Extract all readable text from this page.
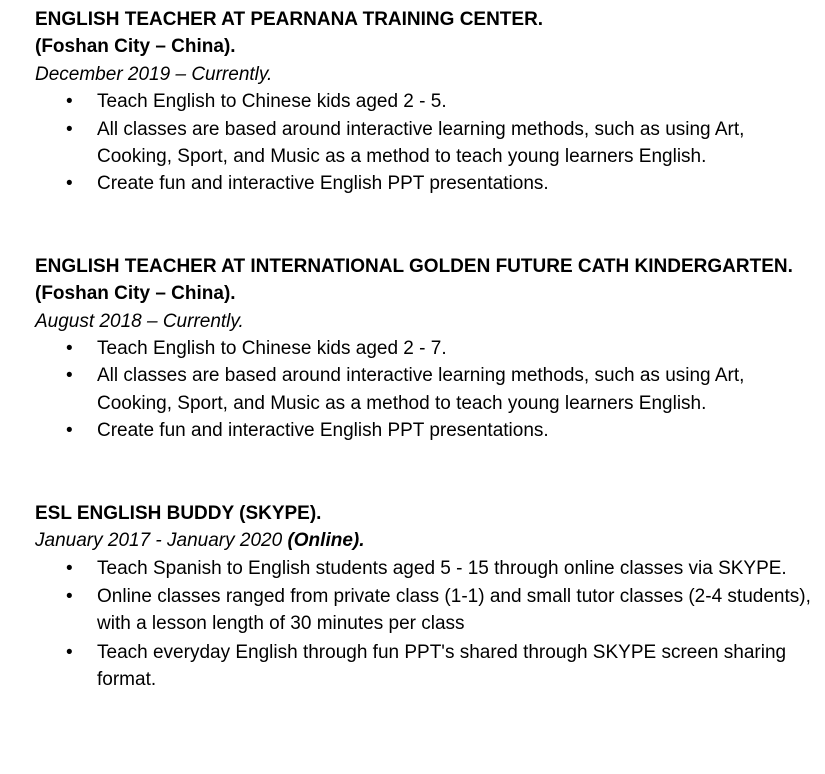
ENGLISH TEACHER AT PEARNANA TRAINING CENTER.

(Foshan City – China).

December 2019 – Currently.

• Teach English to Chinese kids aged 2 - 5.
• All classes are based around interactive learning methods, such as using Art, Cooking, Sport, and Music as a method to teach young learners English.
• Create fun and interactive English PPT presentations.

ENGLISH TEACHER AT INTERNATIONAL GOLDEN FUTURE CATH KINDERGARTEN.

(Foshan City – China).

August 2018 – Currently.

• Teach English to Chinese kids aged 2 - 7.
• All classes are based around interactive learning methods, such as using Art, Cooking, Sport, and Music as a method to teach young learners English.
• Create fun and interactive English PPT presentations.

ESL ENGLISH BUDDY (SKYPE).

January 2017 - January 2020 (Online).

• Teach Spanish to English students aged 5 - 15 through online classes via SKYPE.
• Online classes ranged from private class (1-1) and small tutor classes (2-4 students), with a lesson length of 30 minutes per class
• Teach everyday English through fun PPT's shared through SKYPE screen sharing format.
